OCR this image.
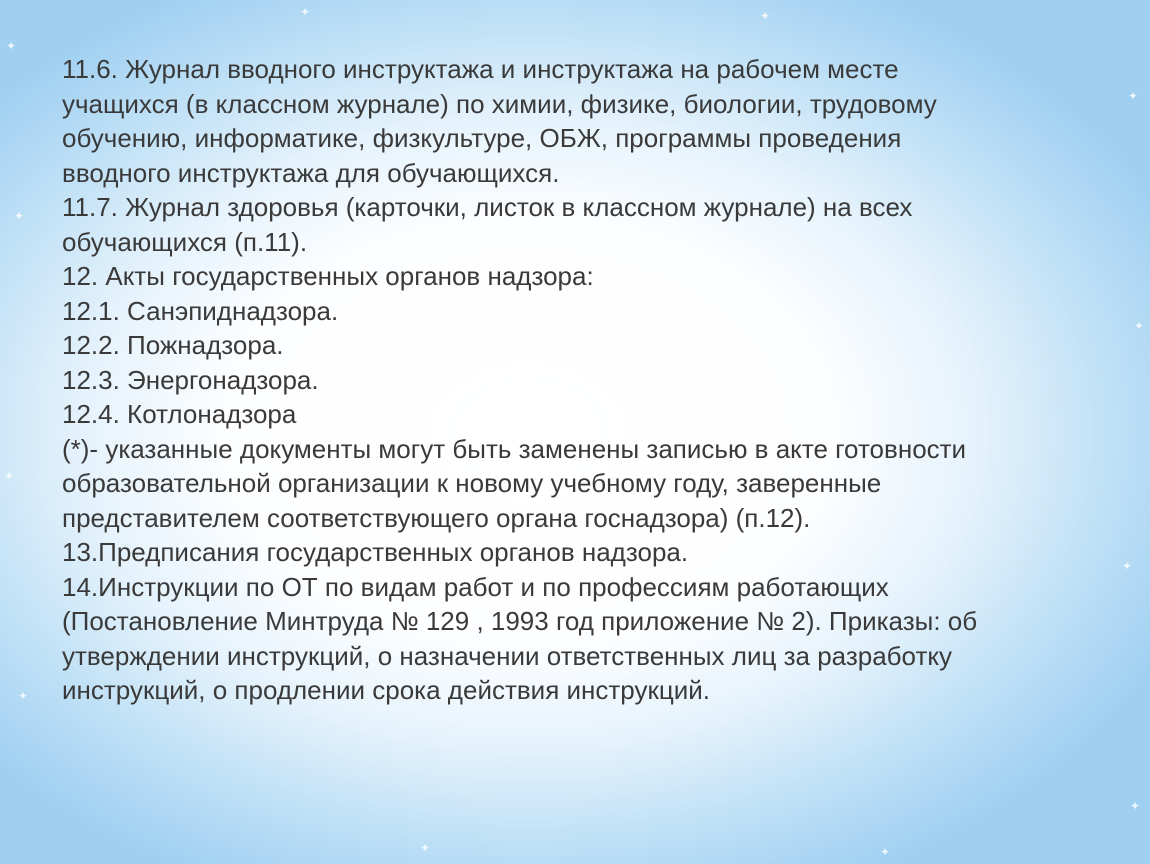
✦
✦
✦
✦
✦
✦
✦
✦
✦	✦
✦	✦
11.6. Журнал вводного инструктажа и инструктажа на рабочем месте
учащихся (в классном журнале) по химии, физике, биологии, трудовому
обучению, информатике, физкультуре, ОБЖ, программы проведения
вводного инструктажа для обучающихся.
11.7. Журнал здоровья (карточки, листок в классном журнале) на всех
обучающихся (п.11).
12. Акты государственных органов надзора:
12.1. Санэпиднадзора.
12.2. Пожнадзора.
12.3. Энергонадзора.
12.4. Котлонадзора
(*)- указанные документы могут быть заменены записью в акте готовности
образовательной организации к новому учебному году, заверенные
представителем соответствующего органа госнадзора) (п.12).
13.Предписания государственных органов надзора.
14.Инструкции по ОТ по видам работ и по профессиям работающих
(Постановление Минтруда № 129 , 1993 год приложение № 2). Приказы: об
утверждении инструкций, о назначении ответственных лиц за разработку
инструкций, о продлении срока действия инструкций.
